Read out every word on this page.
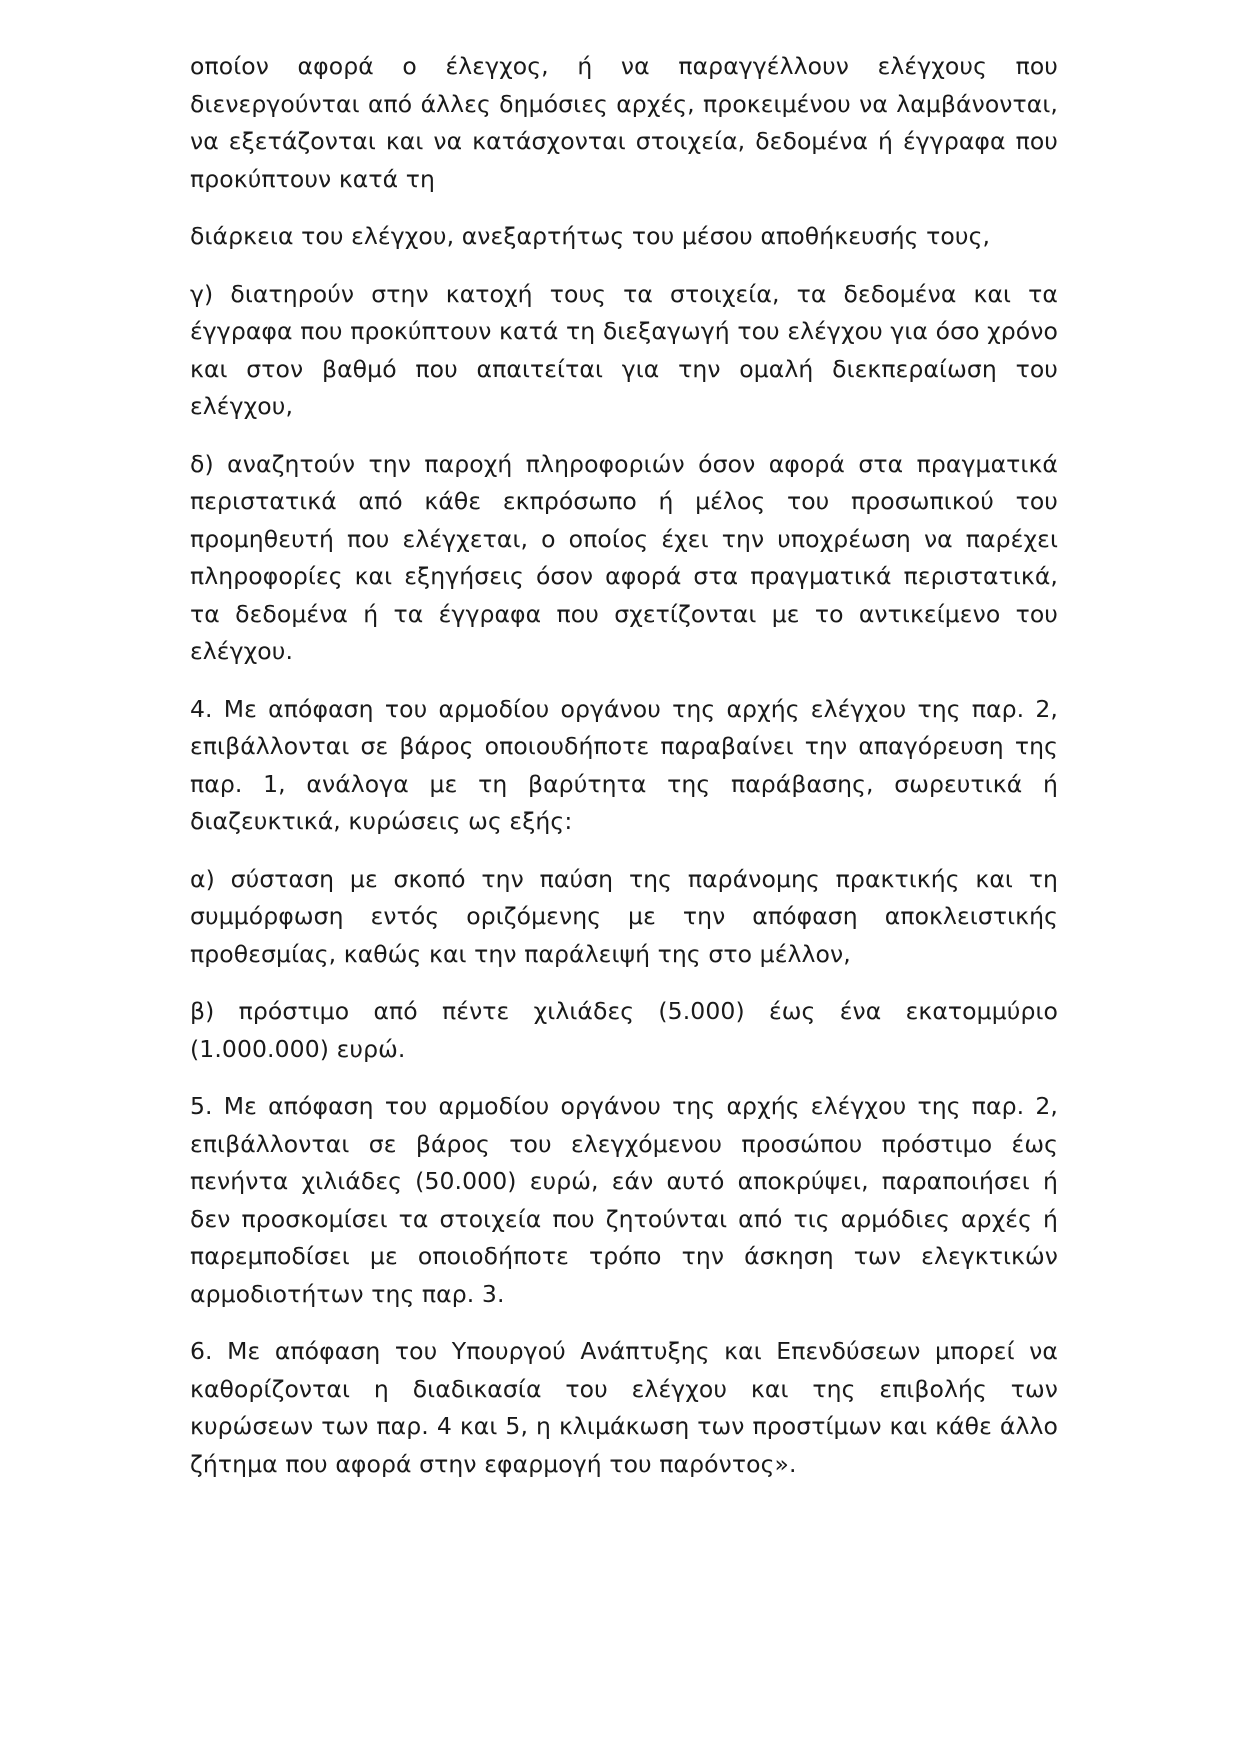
οποίον αφορά ο έλεγχος, ή να παραγγέλλουν ελέγχους που διενεργούνται από άλλες δημόσιες αρχές, προκειμένου να λαμβάνονται, να εξετάζονται και να κατάσχονται στοιχεία, δεδομένα ή έγγραφα που προκύπτουν κατά τη

διάρκεια του ελέγχου, ανεξαρτήτως του μέσου αποθήκευσής τους,

γ) διατηρούν στην κατοχή τους τα στοιχεία, τα δεδομένα και τα έγγραφα που προκύπτουν κατά τη διεξαγωγή του ελέγχου για όσο χρόνο και στον βαθμό που απαιτείται για την ομαλή διεκπεραίωση του ελέγχου,

δ) αναζητούν την παροχή πληροφοριών όσον αφορά στα πραγματικά περιστατικά από κάθε εκπρόσωπο ή μέλος του προσωπικού του προμηθευτή που ελέγχεται, ο οποίος έχει την υποχρέωση να παρέχει πληροφορίες και εξηγήσεις όσον αφορά στα πραγματικά περιστατικά, τα δεδομένα ή τα έγγραφα που σχετίζονται με το αντικείμενο του ελέγχου.

4. Με απόφαση του αρμοδίου οργάνου της αρχής ελέγχου της παρ. 2, επιβάλλονται σε βάρος οποιουδήποτε παραβαίνει την απαγόρευση της παρ. 1, ανάλογα με τη βαρύτητα της παράβασης, σωρευτικά ή διαζευκτικά, κυρώσεις ως εξής:

α) σύσταση με σκοπό την παύση της παράνομης πρακτικής και τη συμμόρφωση εντός οριζόμενης με την απόφαση αποκλειστικής προθεσμίας, καθώς και την παράλειψή της στο μέλλον,

β) πρόστιμο από πέντε χιλιάδες (5.000) έως ένα εκατομμύριο (1.000.000) ευρώ.

5. Με απόφαση του αρμοδίου οργάνου της αρχής ελέγχου της παρ. 2, επιβάλλονται σε βάρος του ελεγχόμενου προσώπου πρόστιμο έως πενήντα χιλιάδες (50.000) ευρώ, εάν αυτό αποκρύψει, παραποιήσει ή δεν προσκομίσει τα στοιχεία που ζητούνται από τις αρμόδιες αρχές ή παρεμποδίσει με οποιοδήποτε τρόπο την άσκηση των ελεγκτικών αρμοδιοτήτων της παρ. 3.

6. Με απόφαση του Υπουργού Ανάπτυξης και Επενδύσεων μπορεί να καθορίζονται η διαδικασία του ελέγχου και της επιβολής των κυρώσεων των παρ. 4 και 5, η κλιμάκωση των προστίμων και κάθε άλλο ζήτημα που αφορά στην εφαρμογή του παρόντος».
